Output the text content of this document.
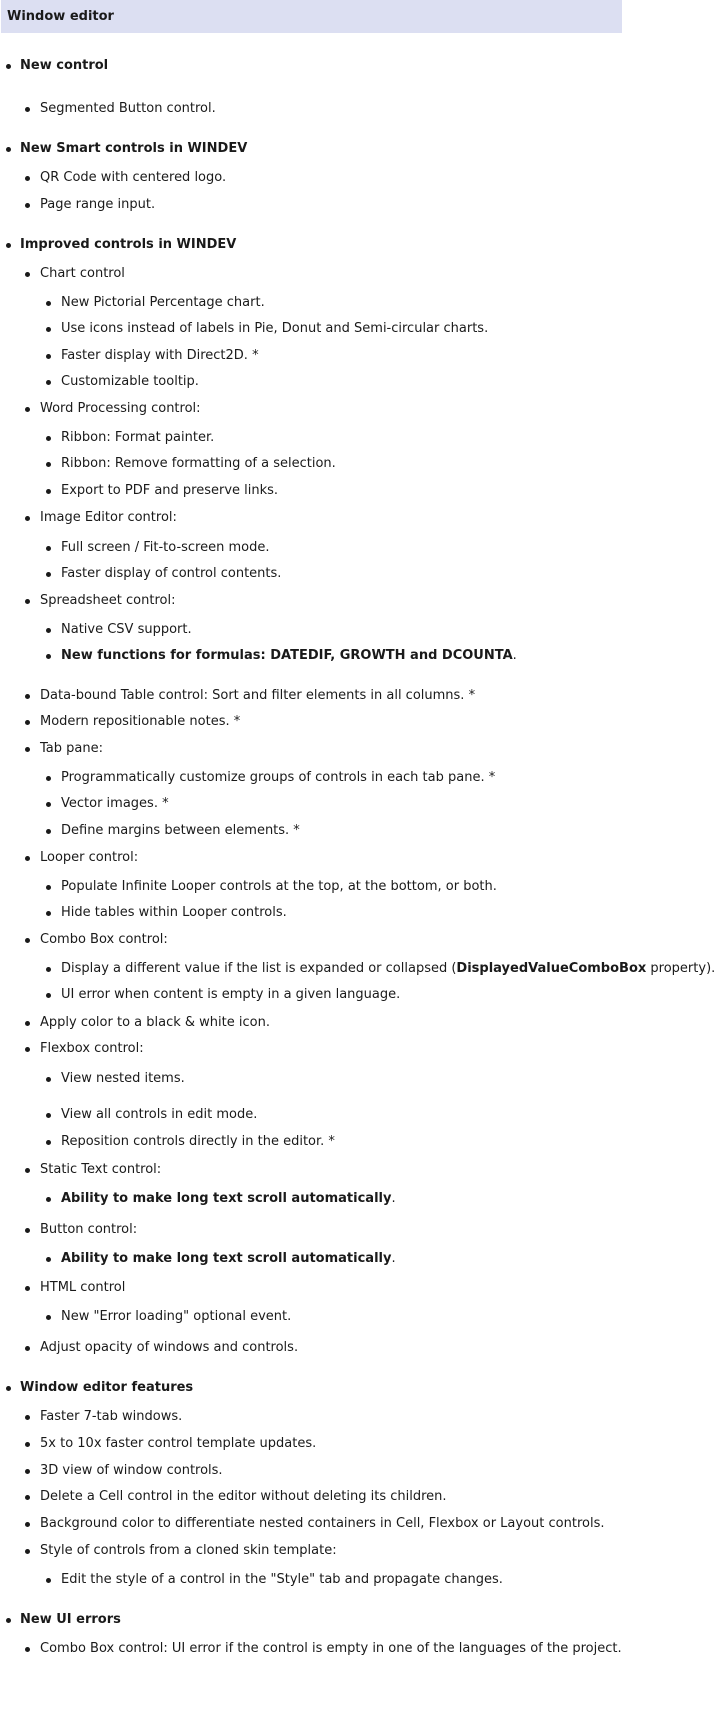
Window editor
New control
Segmented Button control.
New Smart controls in WINDEV
QR Code with centered logo.
Page range input.
Improved controls in WINDEV
Chart control
New Pictorial Percentage chart.
Use icons instead of labels in Pie, Donut and Semi-circular charts.
Faster display with Direct2D. *
Customizable tooltip.
Word Processing control:
Ribbon: Format painter.
Ribbon: Remove formatting of a selection.
Export to PDF and preserve links.
Image Editor control:
Full screen / Fit-to-screen mode.
Faster display of control contents.
Spreadsheet control:
Native CSV support.
New functions for formulas: DATEDIF, GROWTH and DCOUNTA.
Data-bound Table control: Sort and filter elements in all columns. *
Modern repositionable notes. *
Tab pane:
Programmatically customize groups of controls in each tab pane. *
Vector images. *
Define margins between elements. *
Looper control:
Populate Infinite Looper controls at the top, at the bottom, or both.
Hide tables within Looper controls.
Combo Box control:
Display a different value if the list is expanded or collapsed (DisplayedValueComboBox property).
UI error when content is empty in a given language.
Apply color to a black & white icon.
Flexbox control:
View nested items.
View all controls in edit mode.
Reposition controls directly in the editor. *
Static Text control:
Ability to make long text scroll automatically.
Button control:
Ability to make long text scroll automatically.
HTML control
New "Error loading" optional event.
Adjust opacity of windows and controls.
Window editor features
Faster 7-tab windows.
5x to 10x faster control template updates.
3D view of window controls.
Delete a Cell control in the editor without deleting its children.
Background color to differentiate nested containers in Cell, Flexbox or Layout controls.
Style of controls from a cloned skin template:
Edit the style of a control in the "Style" tab and propagate changes.
New UI errors
Combo Box control: UI error if the control is empty in one of the languages of the project.
